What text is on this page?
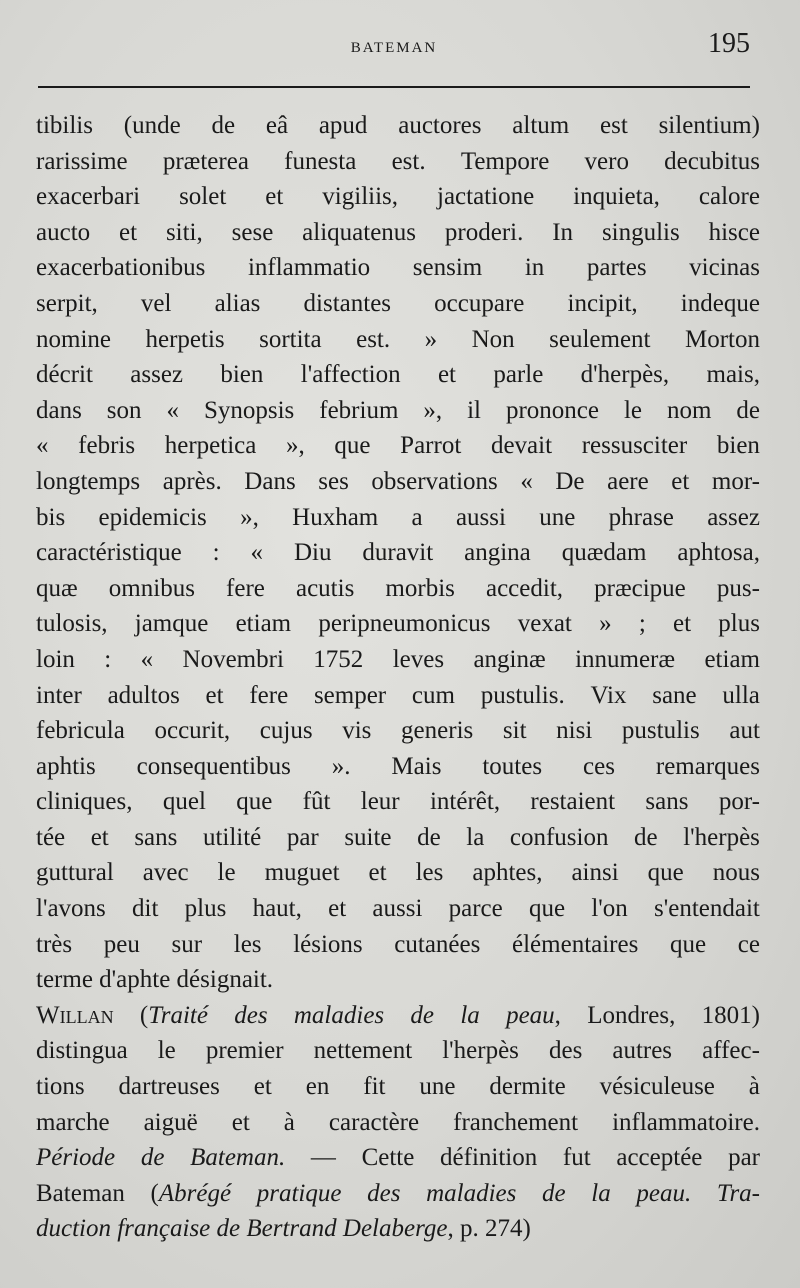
BATEMAN	195
tibilis (unde de eâ apud auctores altum est silentium)
rarissime præterea funesta est. Tempore vero decubitus
exacerbari solet et vigiliis, jactatione inquieta, calore
aucto et siti, sese aliquatenus proderi. In singulis hisce
exacerbationibus inflammatio sensim in partes vicinas
serpit, vel alias distantes occupare incipit, indeque
nomine herpetis sortita est. » Non seulement Morton
décrit assez bien l'affection et parle d'herpès, mais,
dans son « Synopsis febrium », il prononce le nom de
« febris herpetica », que Parrot devait ressusciter bien
longtemps après. Dans ses observations « De aere et mor-
bis epidemicis », Huxham a aussi une phrase assez
caractéristique : « Diu duravit angina quædam aphtosa,
quæ omnibus fere acutis morbis accedit, præcipue pus-
tulosis, jamque etiam peripneumonicus vexat » ; et plus
loin : « Novembri 1752 leves anginæ innumeræ etiam
inter adultos et fere semper cum pustulis. Vix sane ulla
febricula occurit, cujus vis generis sit nisi pustulis aut
aphtis consequentibus ». Mais toutes ces remarques
cliniques, quel que fût leur intérêt, restaient sans por-
tée et sans utilité par suite de la confusion de l'herpès
guttural avec le muguet et les aphtes, ainsi que nous
l'avons dit plus haut, et aussi parce que l'on s'entendait
très peu sur les lésions cutanées élémentaires que ce
terme d'aphte désignait.
Willan (Traité des maladies de la peau, Londres, 1801)
distingua le premier nettement l'herpès des autres affec-
tions dartreuses et en fit une dermite vésiculeuse à
marche aiguë et à caractère franchement inflammatoire.
Période de Bateman. — Cette définition fut acceptée par
Bateman (Abrégé pratique des maladies de la peau. Tra-
duction française de Bertrand Delaberge , p. 274)
